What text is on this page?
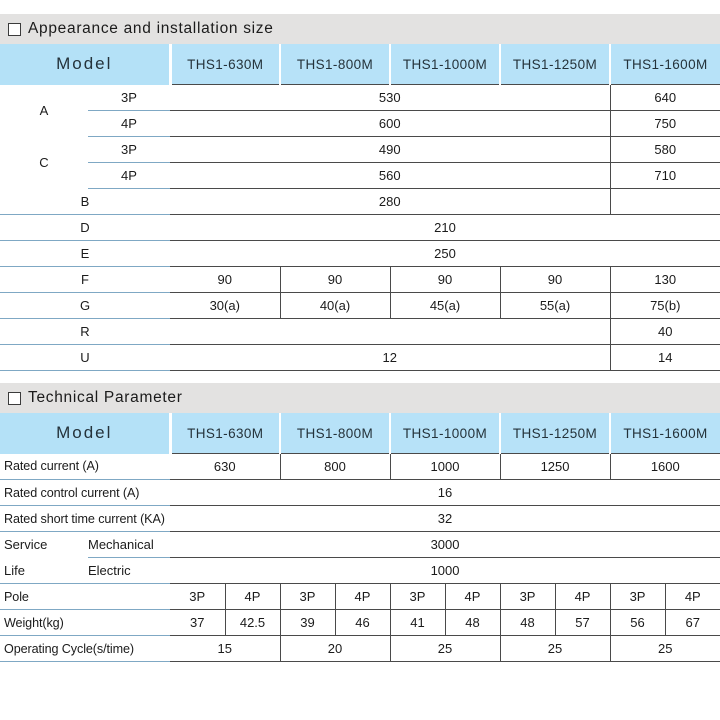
Appearance and installation size
Model		THS1-630M	THS1-800M	THS1-1000M	THS1-1250M	THS1-1600M
A	3P	530				640
	4P	600				750
C	3P	490				580
	4P	560				710
B		280				
D		210				
E		250				
F		90	90	90	90	130
G		30(a)	40(a)	45(a)	55(a)	75(b)
R						40
U		12				14
Technical Parameter
Model		THS1-630M		THS1-800M		THS1-1000M		THS1-1250M		THS1-1600M	
Rated current (A)		630		800		1000		1250		1600	
Rated control current (A)		16									
Rated short time current (KA)		32									
Service	Mechanical	3000									
Life	Electric	1000									
Pole		3P	4P	3P	4P	3P	4P	3P	4P	3P	4P
Weight(kg)		37	42.5	39	46	41	48	48	57	56	67
Operating Cycle(s/time)		15		20		25		25		25	
